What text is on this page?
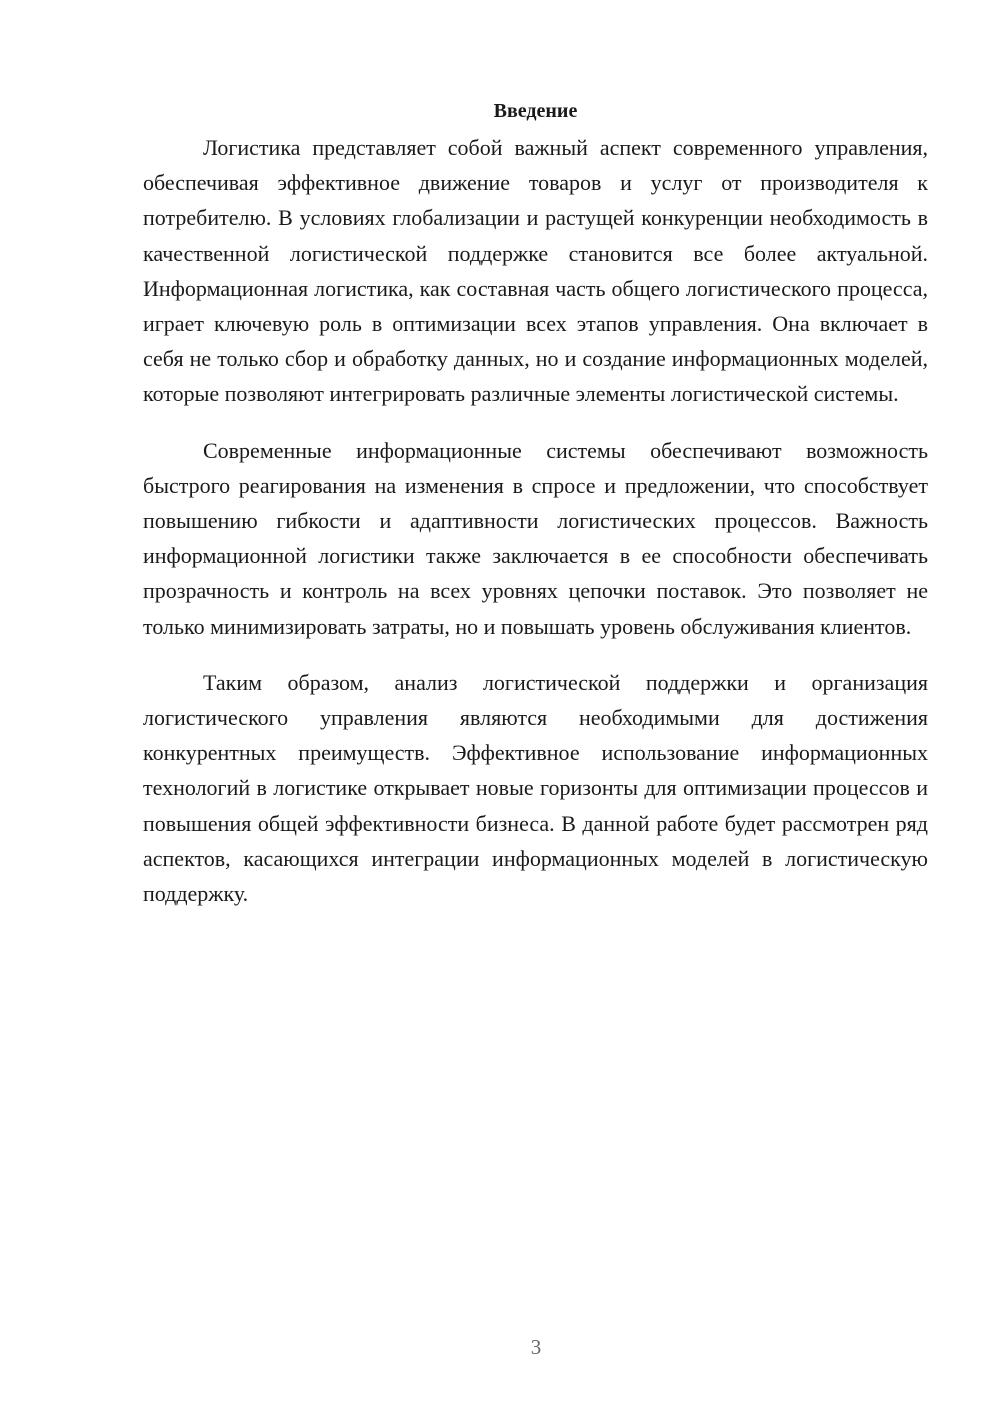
Введение

Логистика представляет собой важный аспект современного управления, обеспечивая эффективное движение товаров и услуг от производителя к потребителю. В условиях глобализации и растущей конкуренции необходимость в качественной логистической поддержке становится все более актуальной. Информационная логистика, как составная часть общего логистического процесса, играет ключевую роль в оптимизации всех этапов управления. Она включает в себя не только сбор и обработку данных, но и создание информационных моделей, которые позволяют интегрировать различные элементы логистической системы.

Современные информационные системы обеспечивают возможность быстрого реагирования на изменения в спросе и предложении, что способствует повышению гибкости и адаптивности логистических процессов. Важность информационной логистики также заключается в ее способности обеспечивать прозрачность и контроль на всех уровнях цепочки поставок. Это позволяет не только минимизировать затраты, но и повышать уровень обслуживания клиентов.

Таким образом, анализ логистической поддержки и организация логистического управления являются необходимыми для достижения конкурентных преимуществ. Эффективное использование информационных технологий в логистике открывает новые горизонты для оптимизации процессов и повышения общей эффективности бизнеса. В данной работе будет рассмотрен ряд аспектов, касающихся интеграции информационных моделей в логистическую поддержку.

3
